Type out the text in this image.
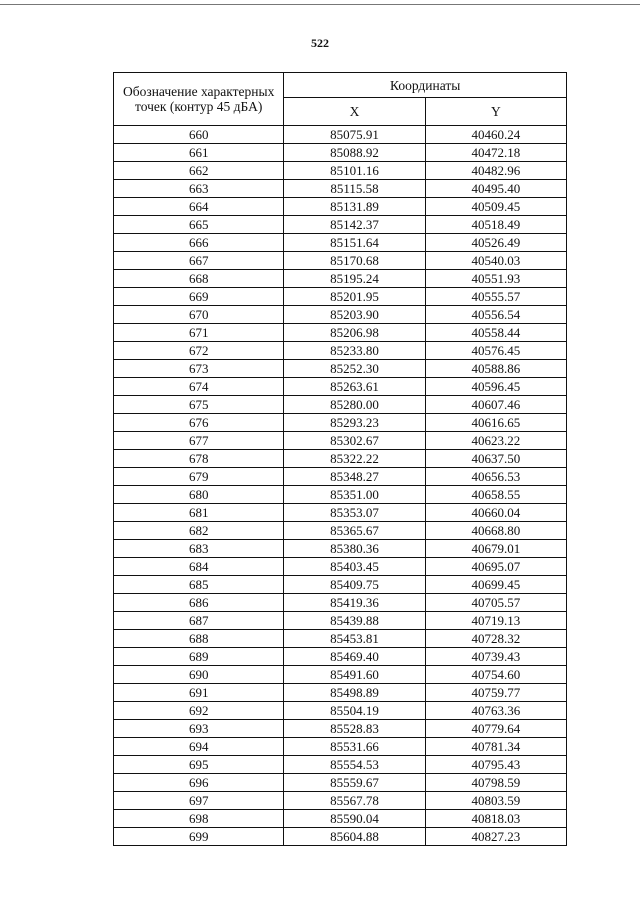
522
Обозначение характерных точек (контур 45 дБА)	Координаты	
	X	Y
660	85075.91	40460.24
661	85088.92	40472.18
662	85101.16	40482.96
663	85115.58	40495.40
664	85131.89	40509.45
665	85142.37	40518.49
666	85151.64	40526.49
667	85170.68	40540.03
668	85195.24	40551.93
669	85201.95	40555.57
670	85203.90	40556.54
671	85206.98	40558.44
672	85233.80	40576.45
673	85252.30	40588.86
674	85263.61	40596.45
675	85280.00	40607.46
676	85293.23	40616.65
677	85302.67	40623.22
678	85322.22	40637.50
679	85348.27	40656.53
680	85351.00	40658.55
681	85353.07	40660.04
682	85365.67	40668.80
683	85380.36	40679.01
684	85403.45	40695.07
685	85409.75	40699.45
686	85419.36	40705.57
687	85439.88	40719.13
688	85453.81	40728.32
689	85469.40	40739.43
690	85491.60	40754.60
691	85498.89	40759.77
692	85504.19	40763.36
693	85528.83	40779.64
694	85531.66	40781.34
695	85554.53	40795.43
696	85559.67	40798.59
697	85567.78	40803.59
698	85590.04	40818.03
699	85604.88	40827.23
